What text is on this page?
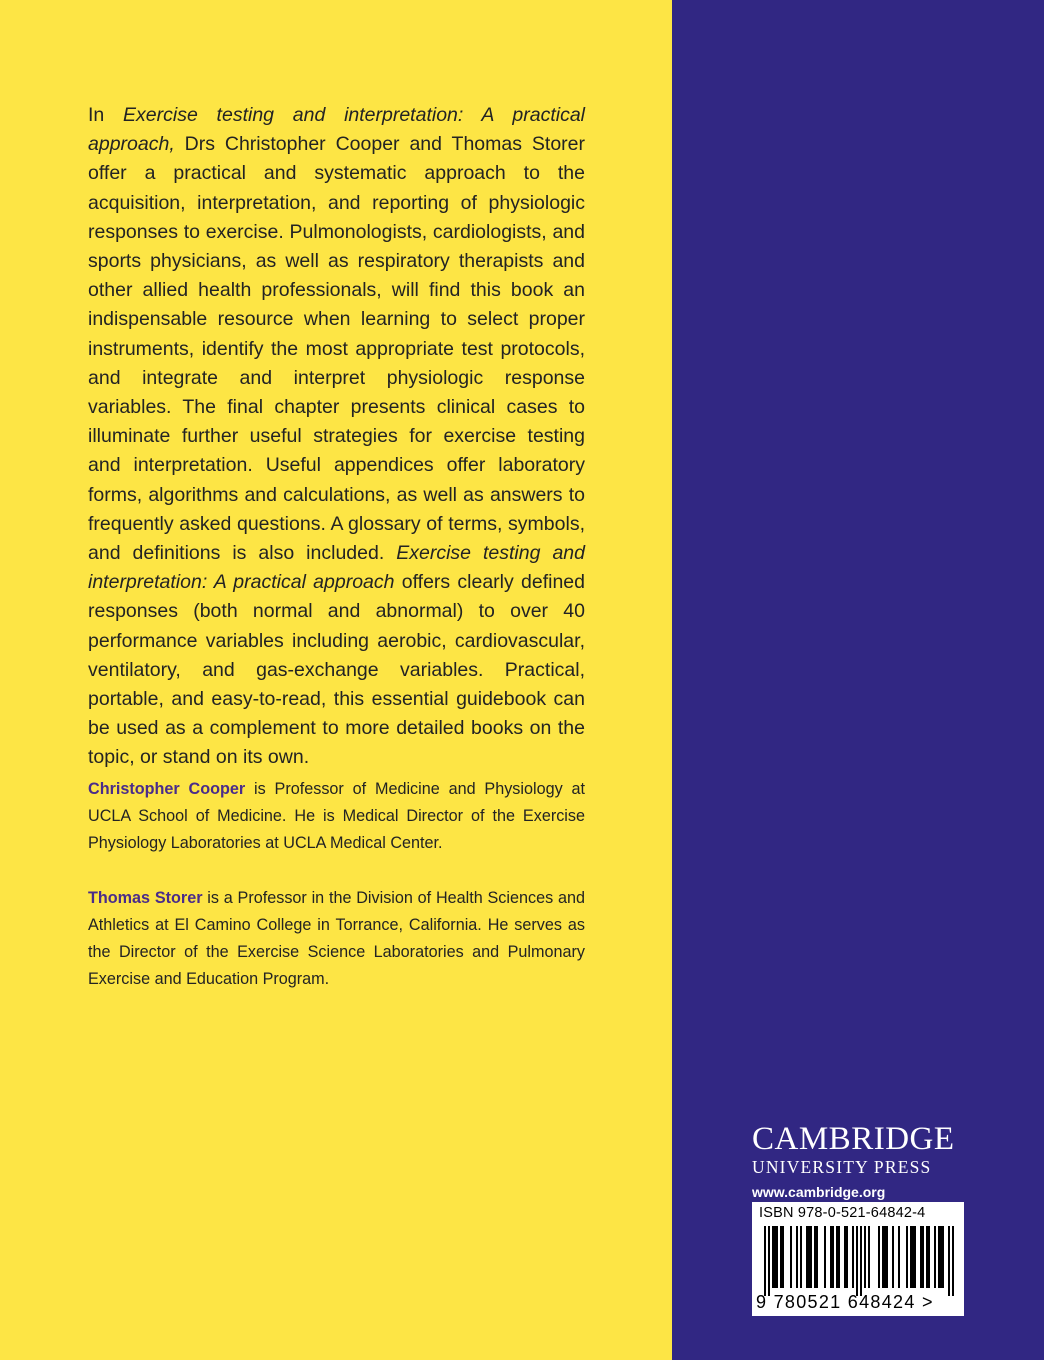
In Exercise testing and interpretation: A practical approach, Drs Christopher Cooper and Thomas Storer offer a practical and systematic approach to the acquisition, interpretation, and reporting of physiologic responses to exercise. Pulmonologists, cardiologists, and sports physicians, as well as respiratory therapists and other allied health professionals, will find this book an indispensable resource when learning to select proper instruments, identify the most appropriate test protocols, and integrate and interpret physiologic response variables. The final chapter presents clinical cases to illuminate further useful strategies for exercise testing and interpretation. Useful appendices offer laboratory forms, algorithms and calculations, as well as answers to frequently asked questions. A glossary of terms, symbols, and definitions is also included. Exercise testing and interpretation: A practical approach offers clearly defined responses (both normal and abnormal) to over 40 performance variables including aerobic, cardiovascular, ventilatory, and gas-exchange variables. Practical, portable, and easy-to-read, this essential guidebook can be used as a complement to more detailed books on the topic, or stand on its own.

Christopher Cooper is Professor of Medicine and Physiology at UCLA School of Medicine. He is Medical Director of the Exercise Physiology Laboratories at UCLA Medical Center.

Thomas Storer is a Professor in the Division of Health Sciences and Athletics at El Camino College in Torrance, California. He serves as the Director of the Exercise Science Laboratories and Pulmonary Exercise and Education Program.

CAMBRIDGE
UNIVERSITY PRESS
www.cambridge.org
ISBN 978-0-521-64842-4
9 780521 648424 >
